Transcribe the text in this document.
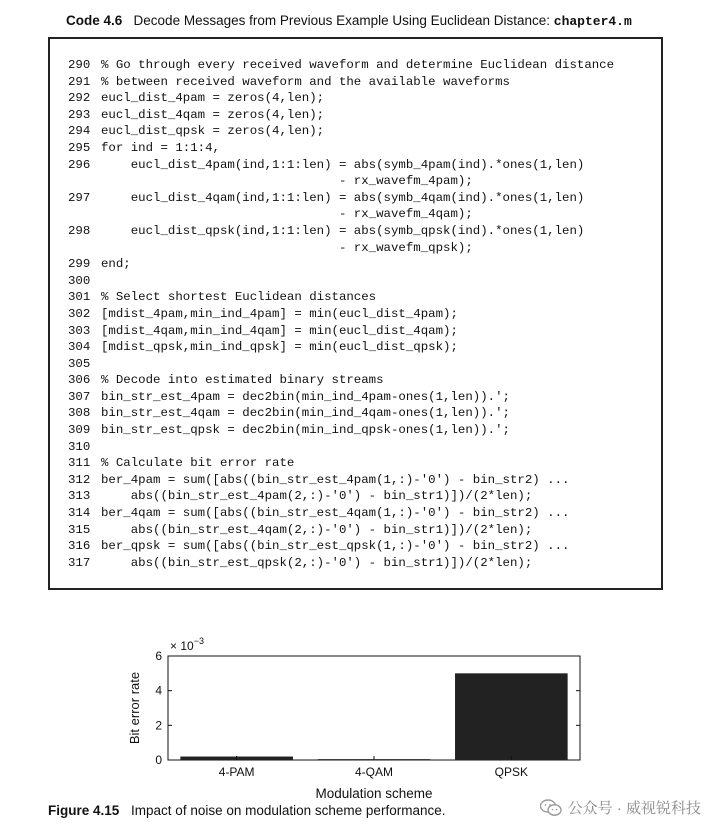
Code 4.6 Decode Messages from Previous Example Using Euclidean Distance: chapter4.m
290 % Go through every received waveform and determine Euclidean distance
291 % between received waveform and the available waveforms
292 eucl_dist_4pam = zeros(4,len);
293 eucl_dist_4qam = zeros(4,len);
294 eucl_dist_qpsk = zeros(4,len);
295 for ind = 1:1:4,
296    eucl_dist_4pam(ind,1:1:len) = abs(symb_4pam(ind).*ones(1,len)
- rx_wavefm_4pam);
297    eucl_dist_4qam(ind,1:1:len) = abs(symb_4qam(ind).*ones(1,len)
- rx_wavefm_4qam);
298    eucl_dist_qpsk(ind,1:1:len) = abs(symb_qpsk(ind).*ones(1,len)
- rx_wavefm_qpsk);
299 end;
300
301 % Select shortest Euclidean distances
302 [mdist_4pam,min_ind_4pam] = min(eucl_dist_4pam);
303 [mdist_4qam,min_ind_4qam] = min(eucl_dist_4qam);
304 [mdist_qpsk,min_ind_qpsk] = min(eucl_dist_qpsk);
305
306 % Decode into estimated binary streams
307 bin_str_est_4pam = dec2bin(min_ind_4pam-ones(1,len)).';
308 bin_str_est_4qam = dec2bin(min_ind_4qam-ones(1,len)).';
309 bin_str_est_qpsk = dec2bin(min_ind_qpsk-ones(1,len)).';
310
311 % Calculate bit error rate
312 ber_4pam = sum([abs((bin_str_est_4pam(1,:)-'0') - bin_str2) ...
313    abs((bin_str_est_4pam(2,:)-'0') - bin_str1)])/(2*len);
314 ber_4qam = sum([abs((bin_str_est_4qam(1,:)-'0') - bin_str2) ...
315    abs((bin_str_est_4qam(2,:)-'0') - bin_str1)])/(2*len);
316 ber_qpsk = sum([abs((bin_str_est_qpsk(1,:)-'0') - bin_str2) ...
317    abs((bin_str_est_qpsk(2,:)-'0') - bin_str1)])/(2*len);
0
2
4
6
4-PAM	4-QAM	QPSK
× $10^{-3}$
Bit error rate
Modulation scheme
Figure 4.15 Impact of noise on modulation scheme performance.	公众号 · 威视锐科技
